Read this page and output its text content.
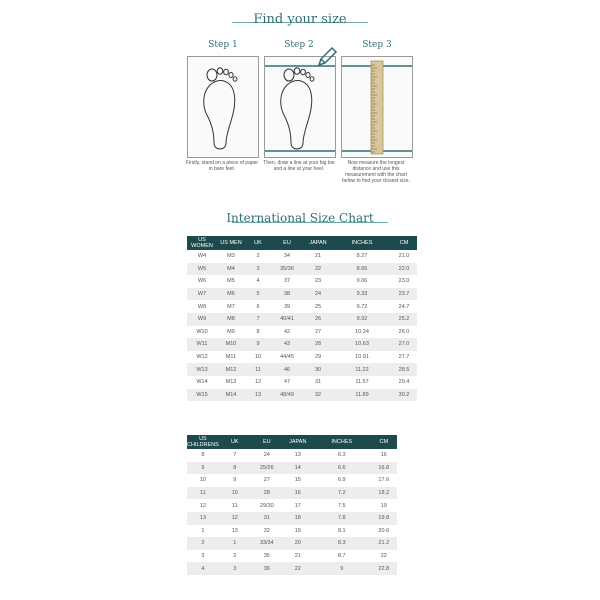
Find your size
Step 1	Step 2	Step 3
Firstly, stand on a piece of paper in bare feet.
Then, draw a line at your big toe and a line at your heel.
Now measure the longest distance and use this measurement with the chart below to find your closest size.
International Size Chart
US WOMEN	US MEN	UK	EU	JAPAN	INCHES	CM
W4	M3	2	34	21	8.27	21.0
W5	M4	3	35/36	22	8.66	22.0
W6	M5	4	37	23	9.06	23.0
W7	M6	5	38	24	9.33	23.7
W8	M7	6	39	25	9.72	24.7
W9	M8	7	40/41	26	9.92	25.2
W10	M9	8	42	27	10.24	26.0
W11	M10	9	43	28	10.63	27.0
W12	M11	10	44/45	29	10.91	27.7
W13	M12	11	46	30	11.22	28.5
W14	M13	12	47	31	11.57	29.4
W15	M14	13	48/49	32	11.89	30.2
US CHILDRENS	UK	EU	JAPAN	INCHES	CM
8	7	24	13	6.3	16
9	8	25/26	14	6.6	16.8
10	9	27	15	6.9	17.6
11	10	28	16	7.2	18.2
12	11	29/30	17	7.5	19
13	12	31	18	7.8	19.8
1	13	32	19	8.1	20.6
2	1	33/34	20	8.3	21.2
3	2	35	21	8.7	22
4	3	36	22	9	22.8
